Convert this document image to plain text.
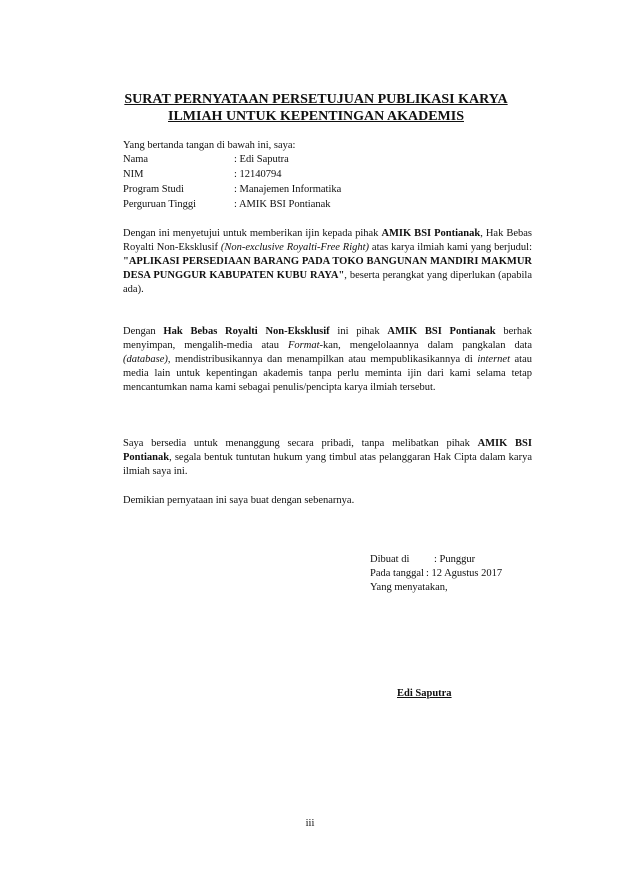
SURAT PERNYATAAN PERSETUJUAN PUBLIKASI KARYA
ILMIAH UNTUK KEPENTINGAN AKADEMIS
Yang bertanda tangan di bawah ini, saya:
Nama	: Edi Saputra
NIM	: 12140794
Program Studi	: Manajemen Informatika
Perguruan Tinggi	: AMIK BSI Pontianak
Dengan ini menyetujui untuk memberikan ijin kepada pihak AMIK BSI Pontianak, Hak Bebas Royalti Non-Eksklusif (Non-exclusive Royalti-Free Right) atas karya ilmiah kami yang berjudul: "APLIKASI PERSEDIAAN BARANG PADA TOKO BANGUNAN MANDIRI MAKMUR DESA PUNGGUR KABUPATEN KUBU RAYA", beserta perangkat yang diperlukan (apabila ada).
Dengan Hak Bebas Royalti Non-Eksklusif ini pihak AMIK BSI Pontianak berhak menyimpan, mengalih-media atau Format-kan, mengelolaannya dalam pangkalan data (database), mendistribusikannya dan menampilkan atau mempublikasikannya di internet atau media lain untuk kepentingan akademis tanpa perlu meminta ijin dari kami selama tetap mencantumkan nama kami sebagai penulis/pencipta karya ilmiah tersebut.
Saya bersedia untuk menanggung secara pribadi, tanpa melibatkan pihak AMIK BSI Pontianak, segala bentuk tuntutan hukum yang timbul atas pelanggaran Hak Cipta dalam karya ilmiah saya ini.
Demikian pernyataan ini saya buat dengan sebenarnya.
Dibuat di : Punggur
Pada tanggal : 12 Agustus 2017
Yang menyatakan,
Edi Saputra
iii
